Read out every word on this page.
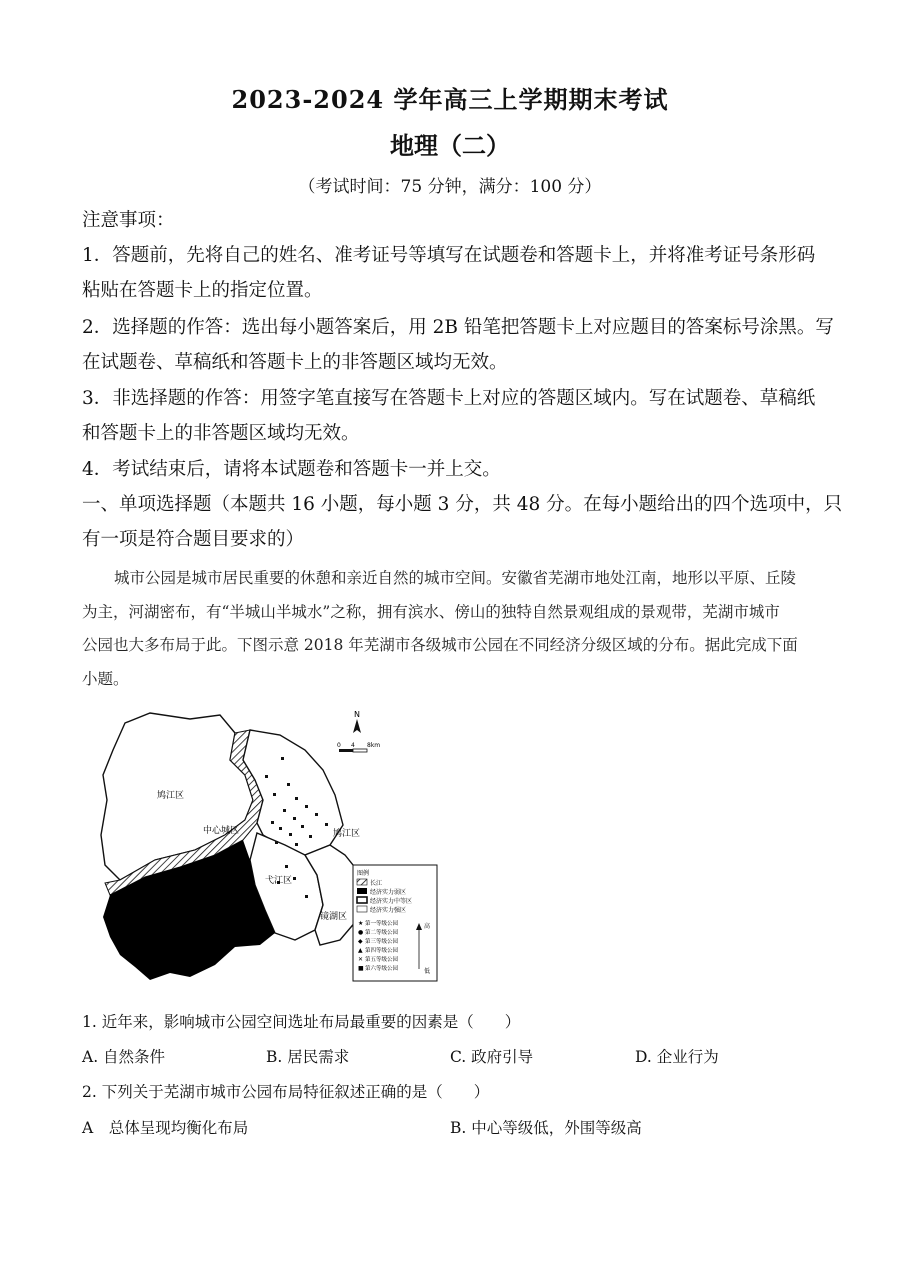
2023-2024 学年高三上学期期末考试
地理（二）
（考试时间：75 分钟，满分：100 分）
注意事项：
1．答题前，先将自己的姓名、准考证号等填写在试题卷和答题卡上，并将准考证号条形码
粘贴在答题卡上的指定位置。
2．选择题的作答：选出每小题答案后，用 2B 铅笔把答题卡上对应题目的答案标号涂黑。写
在试题卷、草稿纸和答题卡上的非答题区域均无效。
3．非选择题的作答：用签字笔直接写在答题卡上对应的答题区域内。写在试题卷、草稿纸
和答题卡上的非答题区域均无效。
4．考试结束后，请将本试题卷和答题卡一并上交。
一、单项选择题（本题共 16 小题，每小题 3 分，共 48 分。在每小题给出的四个选项中，只
有一项是符合题目要求的）
城市公园是城市居民重要的休憩和亲近自然的城市空间。安徽省芜湖市地处江南，地形以平原、丘陵
为主，河湖密布，有“半城山半城水”之称，拥有滨水、傍山的独特自然景观组成的景观带，芜湖市城市
公园也大多布局于此。下图示意 2018 年芜湖市各级城市公园在不同经济分级区域的分布。据此完成下面
小题。
鸠江区
中心城区	鸠江区
弋江区
镜湖区
N
0 4 8km
图例
长江
经济实力弱区
经济实力中等区
经济实力强区
★ 第一等级公园
● 第二等级公园
◆ 第三等级公园
▲ 第四等级公园
✕ 第五等级公园
■ 第六等级公园
高
低
1. 近年来，影响城市公园空间选址布局最重要的因素是（　　）
A. 自然条件	B. 居民需求	C. 政府引导	D. 企业行为
2. 下列关于芜湖市城市公园布局特征叙述正确的是（　　）
A　总体呈现均衡化布局	B. 中心等级低，外围等级高
